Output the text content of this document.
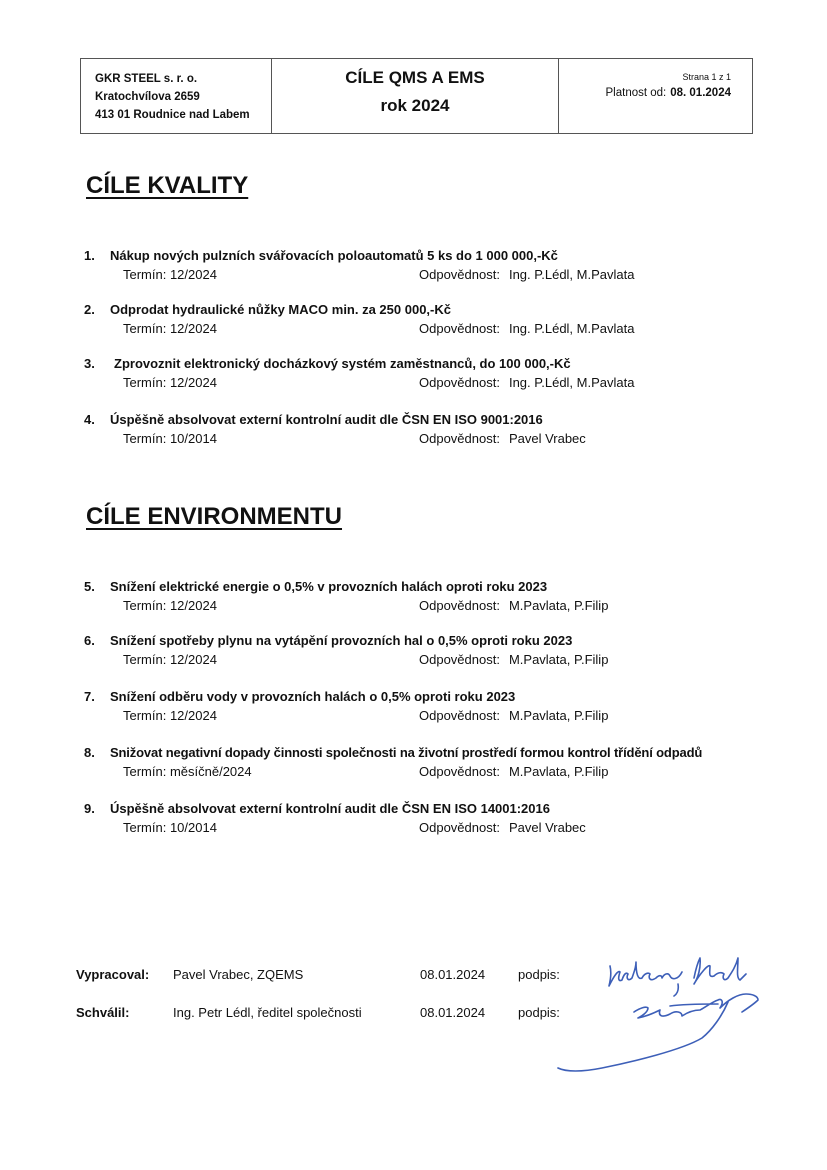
GKR STEEL s. r. o.
Kratochvílova 2659
413 01 Roudnice nad Labem
CÍLE QMS A EMS
rok 2024
Strana 1 z 1
Platnost od: 08. 01.2024
CÍLE KVALITY
1.	Nákup nových pulzních svářovacích poloautomatů 5 ks do 1 000 000,-Kč
Termín: 12/2024	Odpovědnost: Ing. P.Lédl, M.Pavlata
2.	Odprodat hydraulické nůžky MACO min. za 250 000,-Kč
Termín: 12/2024	Odpovědnost: Ing. P.Lédl, M.Pavlata
3.	Zprovoznit elektronický docházkový systém zaměstnanců, do 100 000,-Kč
Termín: 12/2024	Odpovědnost: Ing. P.Lédl, M.Pavlata
4.	Úspěšně absolvovat externí kontrolní audit dle ČSN EN ISO 9001:2016
Termín: 10/2014	Odpovědnost: Pavel Vrabec
CÍLE ENVIRONMENTU
5.	Snížení elektrické energie o 0,5% v provozních halách oproti roku 2023
Termín: 12/2024	Odpovědnost: M.Pavlata, P.Filip
6.	Snížení spotřeby plynu na vytápění provozních hal o 0,5% oproti roku 2023
Termín: 12/2024	Odpovědnost: M.Pavlata, P.Filip
7.	Snížení odběru vody v provozních halách o 0,5% oproti roku 2023
Termín: 12/2024	Odpovědnost: M.Pavlata, P.Filip
8.	Snižovat negativní dopady činnosti společnosti na životní prostředí formou kontrol třídění odpadů
Termín: měsíčně/2024	Odpovědnost: M.Pavlata, P.Filip
9.	Úspěšně absolvovat externí kontrolní audit dle ČSN EN ISO 14001:2016
Termín: 10/2014	Odpovědnost: Pavel Vrabec
Vypracoval: Pavel Vrabec, ZQEMS	08.01.2024	podpis:
Schválil:	Ing. Petr Lédl, ředitel společnosti	08.01.2024	podpis:
